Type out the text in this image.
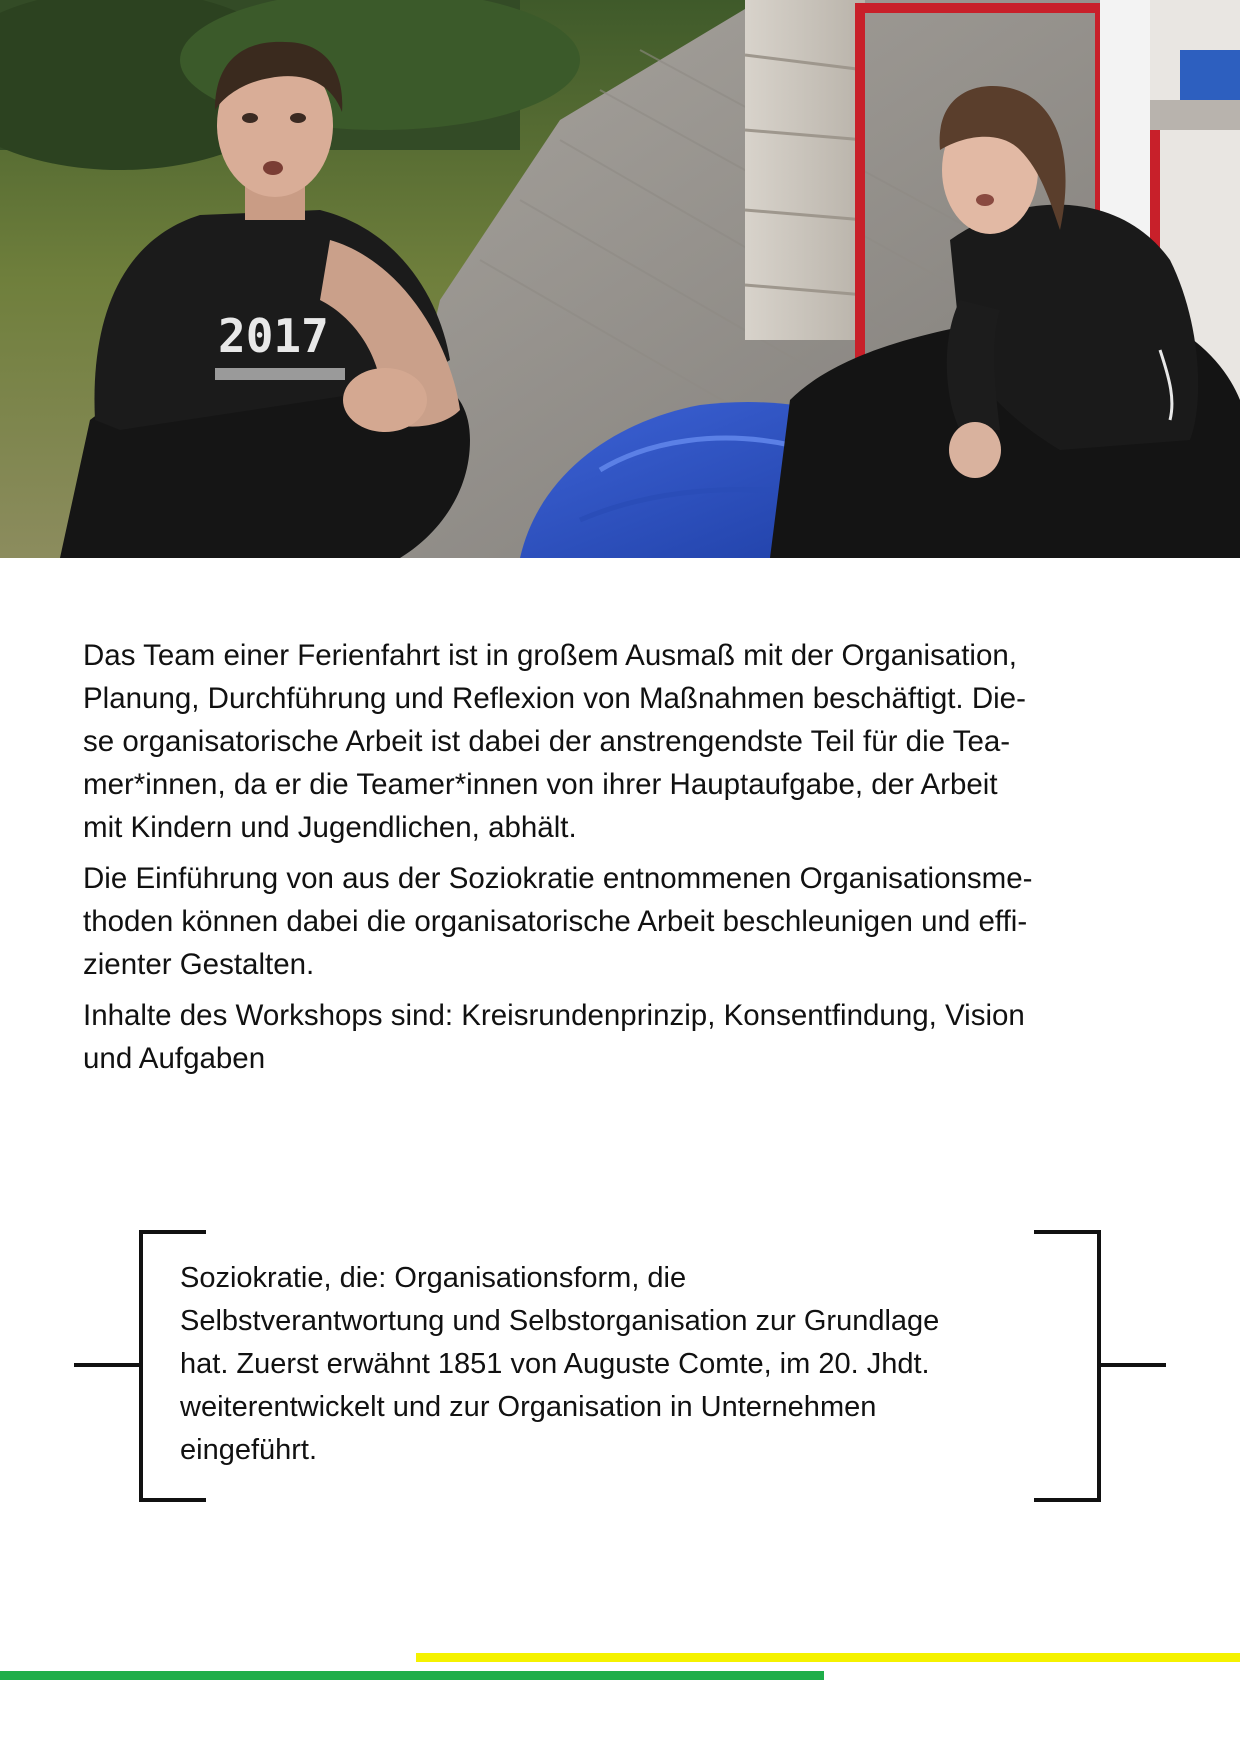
2017

Das Team einer Ferienfahrt ist in großem Ausmaß mit der Organisation,
Planung, Durchführung und Reflexion von Maßnahmen beschäftigt. Die-
se organisatorische Arbeit ist dabei der anstrengendste Teil für die Tea-
mer*innen, da er die Teamer*innen von ihrer Hauptaufgabe, der Arbeit
mit Kindern und Jugendlichen, abhält.

Die Einführung von aus der Soziokratie entnommenen Organisationsme-
thoden können dabei die organisatorische Arbeit beschleunigen und effi-
zienter Gestalten.

Inhalte des Workshops sind: Kreisrundenprinzip, Konsentfindung, Vision
und Aufgaben

Soziokratie, die: Organisationsform, die
Selbstverantwortung und Selbstorganisation zur Grundlage
hat. Zuerst erwähnt 1851 von Auguste Comte, im 20. Jhdt.
weiterentwickelt und zur Organisation in Unternehmen
eingeführt.
